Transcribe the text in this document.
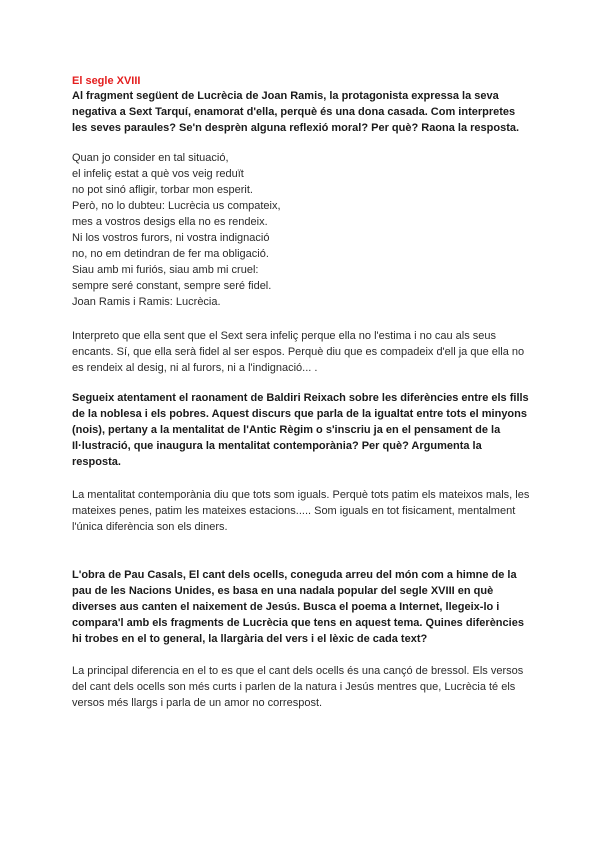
El segle XVIII

Al fragment següent de Lucrècia de Joan Ramis, la protagonista expressa la seva negativa a Sext Tarquí, enamorat d'ella, perquè és una dona casada. Com interpretes les seves paraules? Se'n desprèn alguna reflexió moral? Per què? Raona la resposta.

Quan jo consider en tal situació,
el infeliç estat a què vos veig reduït
no pot sinó afligir, torbar mon esperit.
Però, no lo dubteu: Lucrècia us compateix,
mes a vostros desigs ella no es rendeix.
Ni los vostros furors, ni vostra indignació
no, no em detindran de fer ma obligació.
Siau amb mi furiós, siau amb mi cruel:
sempre seré constant, sempre seré fidel.
Joan Ramis i Ramis: Lucrècia.

Interpreto que ella sent que el Sext sera infeliç perque ella no l'estima i no cau als seus encants. Sí, que ella serà fidel al ser espos. Perquè diu que es compadeix d'ell ja que ella no es rendeix al desig, ni al furors, ni a l'indignació... .

Segueix atentament el raonament de Baldiri Reixach sobre les diferències entre els fills de la noblesa i els pobres. Aquest discurs que parla de la igualtat entre tots el minyons (nois), pertany a la mentalitat de l'Antic Règim o s'inscriu ja en el pensament de la Il·lustració, que inaugura la mentalitat contemporània? Per què? Argumenta la resposta.

La mentalitat contemporània diu que tots som iguals. Perquè tots patim els mateixos mals, les mateixes penes, patim les mateixes estacions..... Som iguals en tot fisicament, mentalment l'única diferència son els diners.

L'obra de Pau Casals, El cant dels ocells, coneguda arreu del món com a himne de la pau de les Nacions Unides, es basa en una nadala popular del segle XVIII en què diverses aus canten el naixement de Jesús. Busca el poema a Internet, llegeix-lo i compara'l amb els fragments de Lucrècia que tens en aquest tema. Quines diferències hi trobes en el to general, la llargària del vers i el lèxic de cada text?

La principal diferencia en el to es que el cant dels ocells és una cançó de bressol. Els versos del cant dels ocells son més curts i parlen de la natura i Jesús mentres que, Lucrècia té els versos més llargs i parla de un amor no correspost.
